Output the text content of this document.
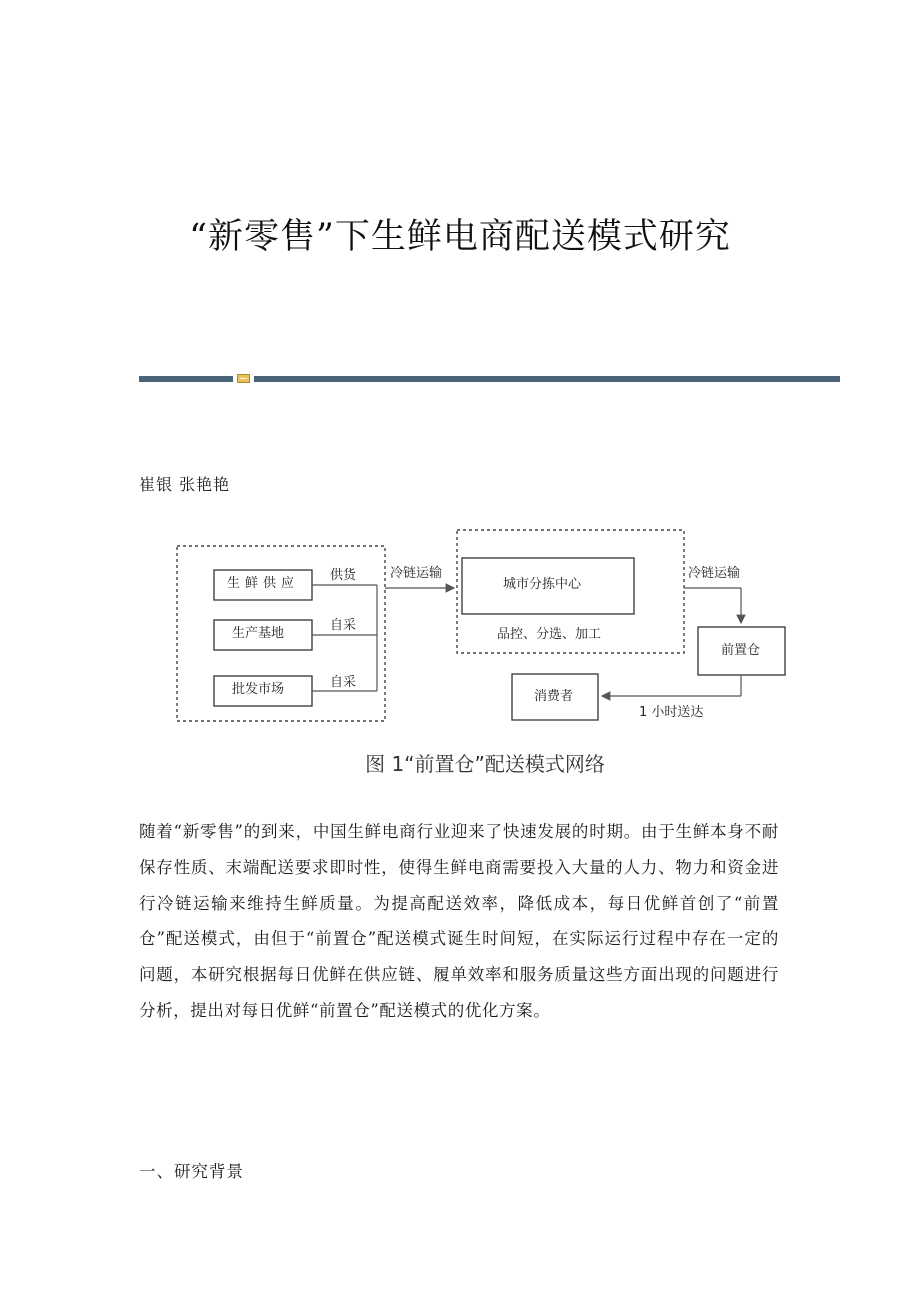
“新零售”下生鲜电商配送模式研究
崔银 张艳艳
生鲜供应
生产基地
批发市场
供货
自采
自采
冷链运输
城市分拣中心
品控、分选、加工
冷链运输
前置仓
消费者
1 小时送达
图 1“前置仓”配送模式网络

随着“新零售”的到来，中国生鲜电商行业迎来了快速发展的时期。由于生鲜本身不耐保存性质、末端配送要求即时性，使得生鲜电商需要投入大量的人力、物力和资金进行冷链运输来维持生鲜质量。为提高配送效率，降低成本，每日优鲜首创了“前置仓”配送模式，由但于“前置仓”配送模式诞生时间短，在实际运行过程中存在一定的问题，本研究根据每日优鲜在供应链、履单效率和服务质量这些方面出现的问题进行分析，提出对每日优鲜“前置仓”配送模式的优化方案。

一、研究背景
